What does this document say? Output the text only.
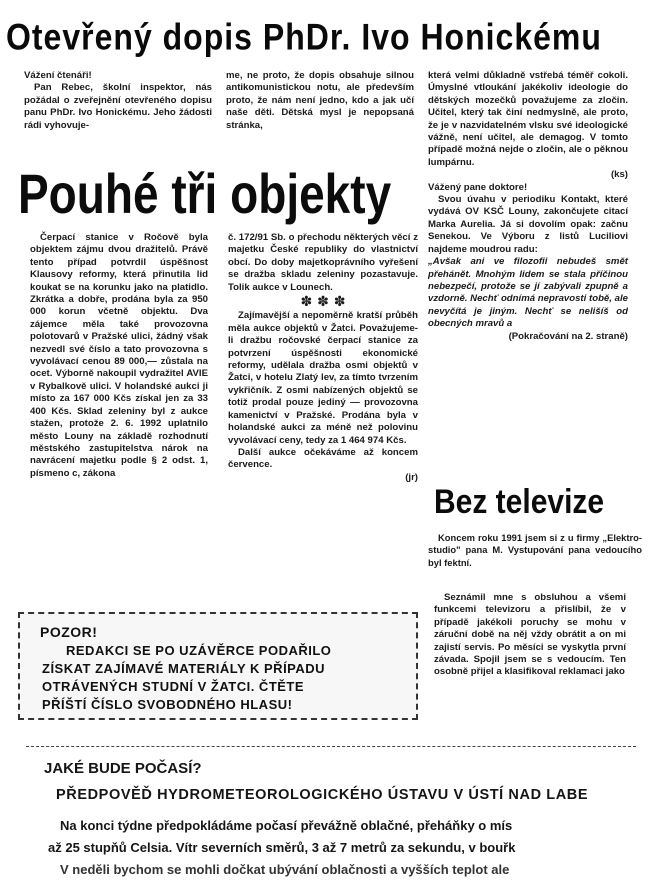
Otevřený dopis PhDr. Ivo Honickému

Vážení čtenáři!

Pan Rebec, školní inspektor, nás požádal o zveřejnění otevřeného dopisu panu PhDr. Ivo Honickému. Jeho žádosti rádi vyhovuje-

me, ne proto, že dopis obsahuje silnou antikomunistickou notu, ale především proto, že nám není jedno, kdo a jak učí naše děti. Dětská mysl je nepopsaná stránka,

která velmi důkladně vstřebá téměř cokoli. Úmyslné vtloukání jakékoliv ideologie do dětských mozečků považujeme za zločin. Učitel, který tak činí nedmyslně, ale proto, že je v nazvidatelném vlsku své ideologické vážně, není učitel, ale demagog. V tomto případě možná nejde o zločin, ale o pěknou lumpárnu.

(ks)

Vážený pane doktore!

Svou úvahu v periodiku Kontakt, které vydává OV KSČ Louny, zakončujete citací Marka Aurelia. Já si dovolím opak: začnu Senekou. Ve Výboru z listů Luciliovi najdeme moudrou radu:

„Avšak ani ve filozofii nebudeš smět přehánět. Mnohým lidem se stala příčinou nebezpečí, protože se jí zabývali zpupně a vzdorně. Nechť odnímá nepravosti tobě, ale nevyčítá je jiným. Nechť se nelišíš od obecných mravů a

(Pokračování na 2. straně)

Pouhé tři objekty

Čerpací stanice v Ročově byla objektem zájmu dvou dražitelů. Právě tento případ potvrdil úspěšnost Klausovy reformy, která přinutila lid koukat se na korunku jako na platidlo. Zkrátka a dobře, prodána byla za 950 000 korun včetně objektu. Dva zájemce měla také provozovna polotovarů v Pražské ulici, žádný však nezvedl své číslo a tato provozovna s vyvolávací cenou 89 000,— zůstala na ocet. Výborně nakoupil vydražitel AVIE v Rybalkově ulici. V holandské aukci ji místo za 167 000 Kčs získal jen za 33 400 Kčs. Sklad zeleniny byl z aukce stažen, protože 2. 6. 1992 uplatnilo město Louny na základě rozhodnutí městského zastupitelstva nárok na navrácení majetku podle § 2 odst. 1, písmeno c, zákona

č. 172/91 Sb. o přechodu některých věcí z majetku České republiky do vlastnictví obcí. Do doby majetkoprávního vyřešení se dražba skladu zeleniny pozastavuje. Tolik aukce v Lounech.

✽ ✽ ✽

Zajímavější a nepoměrně kratší průběh měla aukce objektů v Žatci. Považujeme-li dražbu ročovské čerpací stanice za potvrzení úspěšnosti ekonomické reformy, udělala dražba osmi objektů v Žatci, v hotelu Zlatý lev, za tímto tvrzením vykřičník. Z osmi nabízených objektů se totiž prodal pouze jediný — provozovna kamenictví v Pražské. Prodána byla v holandské aukci za méně než polovinu vyvolávací ceny, tedy za 1 464 974 Kčs.

Další aukce očekáváme až koncem července.

(jr)

Bez televize

Koncem roku 1991 jsem si z u firmy „Elektro-studio" pana M. Vystupování pana vedoucího byl fektní.

Seznámil mne s obsluhou a všemi funkcemi televizoru a přislíbil, že v případě jakékoli poruchy se mohu v záruční době na něj vždy obrátit a on mi zajistí servis. Po měsíci se vyskytla první závada. Spojil jsem se s vedoucím. Ten osobně přijel a klasifikoval reklamaci jako

POZOR!
REDAKCI SE PO UZÁVĚRCE PODAŘILO
ZÍSKAT ZAJÍMAVÉ MATERIÁLY K PŘÍPADU
OTRÁVENÝCH STUDNÍ V ŽATCI. ČTĚTE
PŘÍŠTÍ ČÍSLO SVOBODNÉHO HLASU!
JAKÉ BUDE POČASÍ?
PŘEDPOVĚĎ HYDROMETEOROLOGICKÉHO ÚSTAVU V ÚSTÍ NAD LABE
Na konci týdne předpokládáme počasí převážně oblačné, přeháňky o mís
až 25 stupňů Celsia. Vítr severních směrů, 3 až 7 metrů za sekundu, v bouřk
V neděli bychom se mohli dočkat ubývání oblačnosti a vyšších teplot ale
